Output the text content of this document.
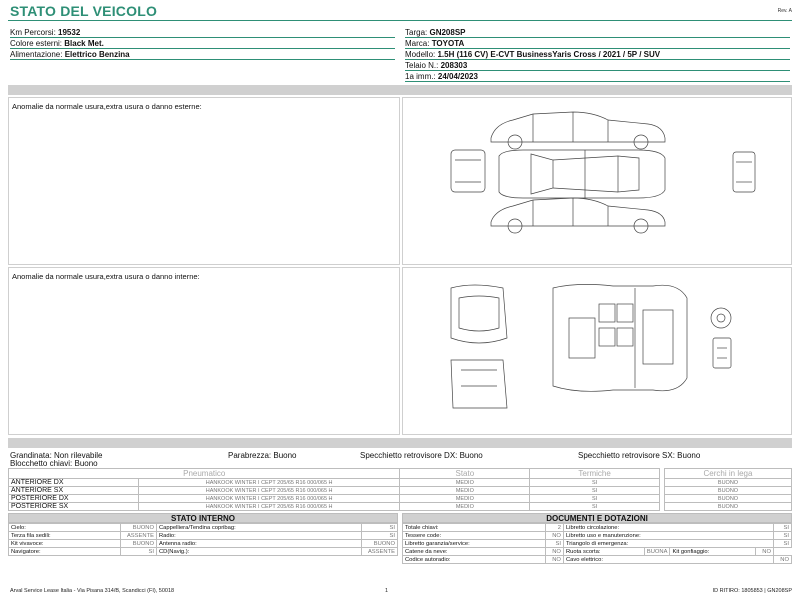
STATO DEL VEICOLO	Rev. A
Km Percorsi: 19532
Colore esterni: Black Met.
Alimentazione: Elettrico Benzina
Targa: GN208SP
Marca: TOYOTA
Modello: 1.5H (116 CV) E-CVT BusinessYaris Cross / 2021 / 5P / SUV
Telaio N.: 208303
1a imm.: 24/04/2023
Anomalie da normale usura,extra usura o danno esterne:
Anomalie da normale usura,extra usura o danno interne:
Grandinata: Non rilevabile	Parabrezza: Buono	Specchietto retrovisore DX: Buono	Specchietto retrovisore SX: Buono
Blocchetto chiavi: Buono
Pneumatico		Stato	Termiche
ANTERIORE DX	HANKOOK WINTER I CEPT 205/65 R16 000/065 H	MEDIO	SI
ANTERIORE SX	HANKOOK WINTER I CEPT 205/65 R16 000/065 H	MEDIO	SI
POSTERIORE DX	HANKOOK WINTER I CEPT 205/65 R16 000/065 H	MEDIO	SI
POSTERIORE SX	HANKOOK WINTER I CEPT 205/65 R16 000/065 H	MEDIO	SI
Cerchi in lega
BUONO
BUONO
BUONO
BUONO
STATO INTERNO
Cielo:	BUONO	Cappelliera/Tendina copribag:	SI
Terza fila sedili:	ASSENTE	Radio:	SI
Kit vivavoce:	BUONO	Antenna radio:	BUONO
Navigatore:	SI	CD(Navig.):	ASSENTE
DOCUMENTI E DOTAZIONI
Totale chiavi:	2	Libretto circolazione:				SI
Tessere code:	NO	Libretto uso e manutenzione:				SI
Libretto garanzia/service:	SI	Triangolo di emergenza:				SI
Catene da neve:	NO	Ruota scorta:	BUONA	Kit gonfiaggio:	NO	
Codice autoradio:	NO	Cavo elettrico:				NO
Arval Service Lease Italia - Via Pisana 314/B, Scandicci (FI), 50018	1	ID RITIRO: 1805853 | GN208SP
